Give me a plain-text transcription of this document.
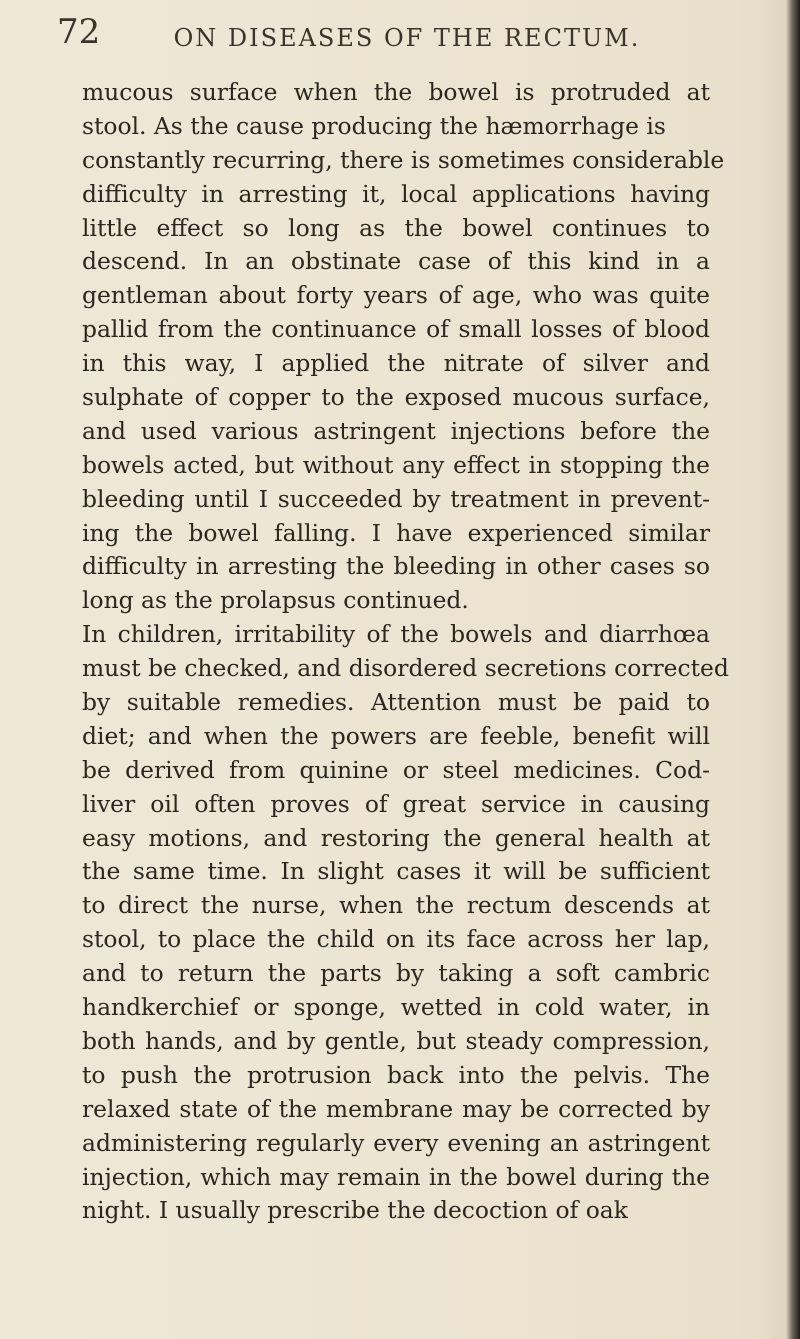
72	ON DISEASES OF THE RECTUM.
mucous surface when the bowel is protruded at
stool. As the cause producing the hæmorrhage is
constantly recurring, there is sometimes considerable
difficulty in arresting it, local applications having
little effect so long as the bowel continues to
descend. In an obstinate case of this kind in a
gentleman about forty years of age, who was quite
pallid from the continuance of small losses of blood
in this way, I applied the nitrate of silver and
sulphate of copper to the exposed mucous surface,
and used various astringent injections before the
bowels acted, but without any effect in stopping the
bleeding until I succeeded by treatment in prevent-
ing the bowel falling. I have experienced similar
difficulty in arresting the bleeding in other cases so
long as the prolapsus continued.
In children, irritability of the bowels and diarrhœa
must be checked, and disordered secretions corrected
by suitable remedies. Attention must be paid to
diet; and when the powers are feeble, benefit will
be derived from quinine or steel medicines. Cod-
liver oil often proves of great service in causing
easy motions, and restoring the general health at
the same time. In slight cases it will be sufficient
to direct the nurse, when the rectum descends at
stool, to place the child on its face across her lap,
and to return the parts by taking a soft cambric
handkerchief or sponge, wetted in cold water, in
both hands, and by gentle, but steady compression,
to push the protrusion back into the pelvis. The
relaxed state of the membrane may be corrected by
administering regularly every evening an astringent
injection, which may remain in the bowel during the
night. I usually prescribe the decoction of oak
